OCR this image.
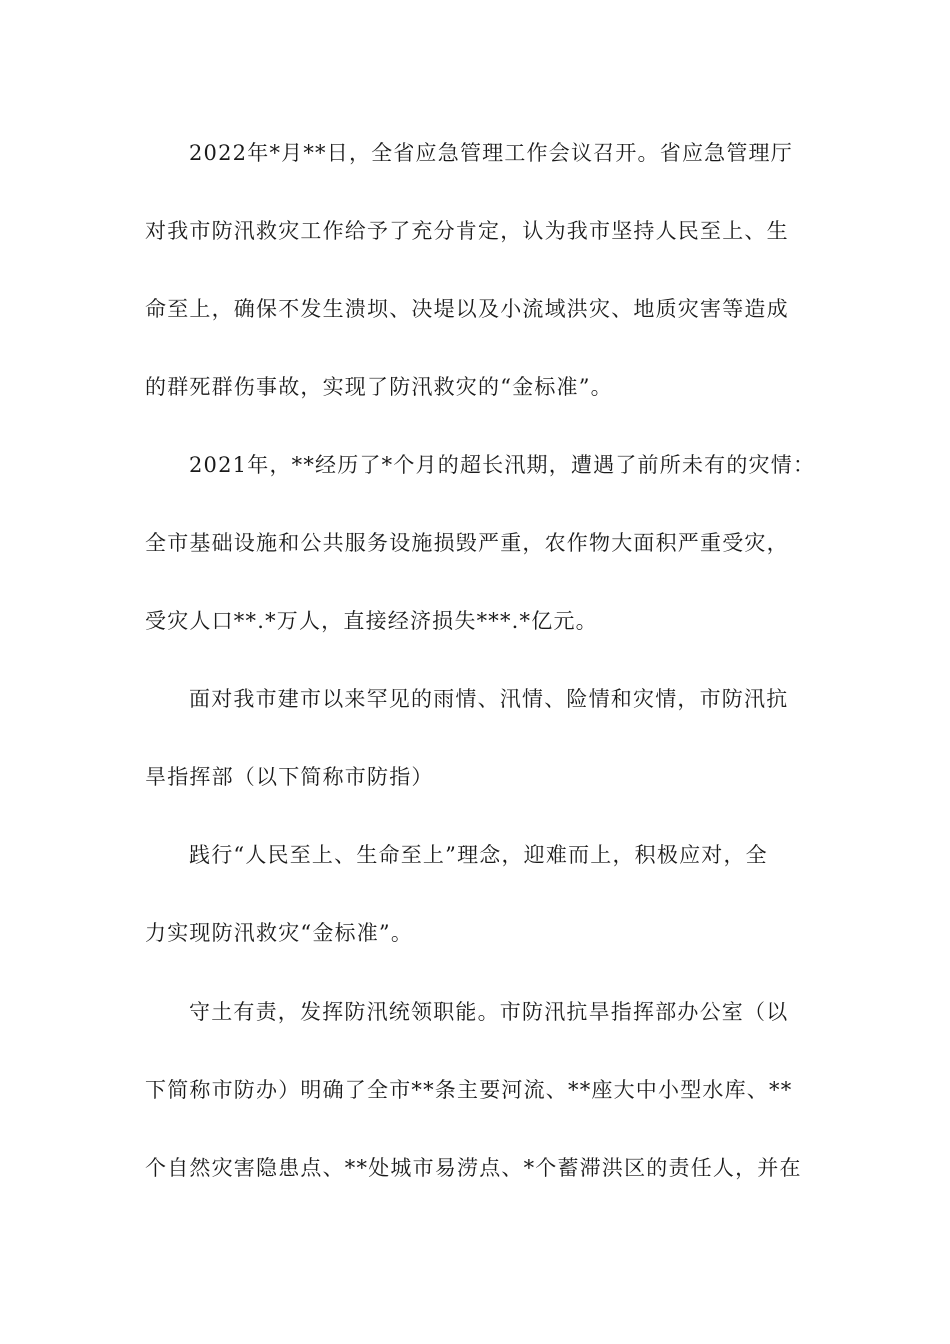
2022年*月**日，全省应急管理工作会议召开。省应急管理厅
对我市防汛救灾工作给予了充分肯定，认为我市坚持人民至上、生
命至上，确保不发生溃坝、决堤以及小流域洪灾、地质灾害等造成
的群死群伤事故，实现了防汛救灾的“金标准”。
2021年，**经历了*个月的超长汛期，遭遇了前所未有的灾情：
全市基础设施和公共服务设施损毁严重，农作物大面积严重受灾，
受灾人口**.*万人，直接经济损失***.*亿元。
面对我市建市以来罕见的雨情、汛情、险情和灾情，市防汛抗
旱指挥部（以下简称市防指）
践行“人民至上、生命至上”理念，迎难而上，积极应对，全
力实现防汛救灾“金标准”。
守土有责，发挥防汛统领职能。市防汛抗旱指挥部办公室（以
下简称市防办）明确了全市**条主要河流、**座大中小型水库、**
个自然灾害隐患点、**处城市易涝点、*个蓄滞洪区的责任人，并在
